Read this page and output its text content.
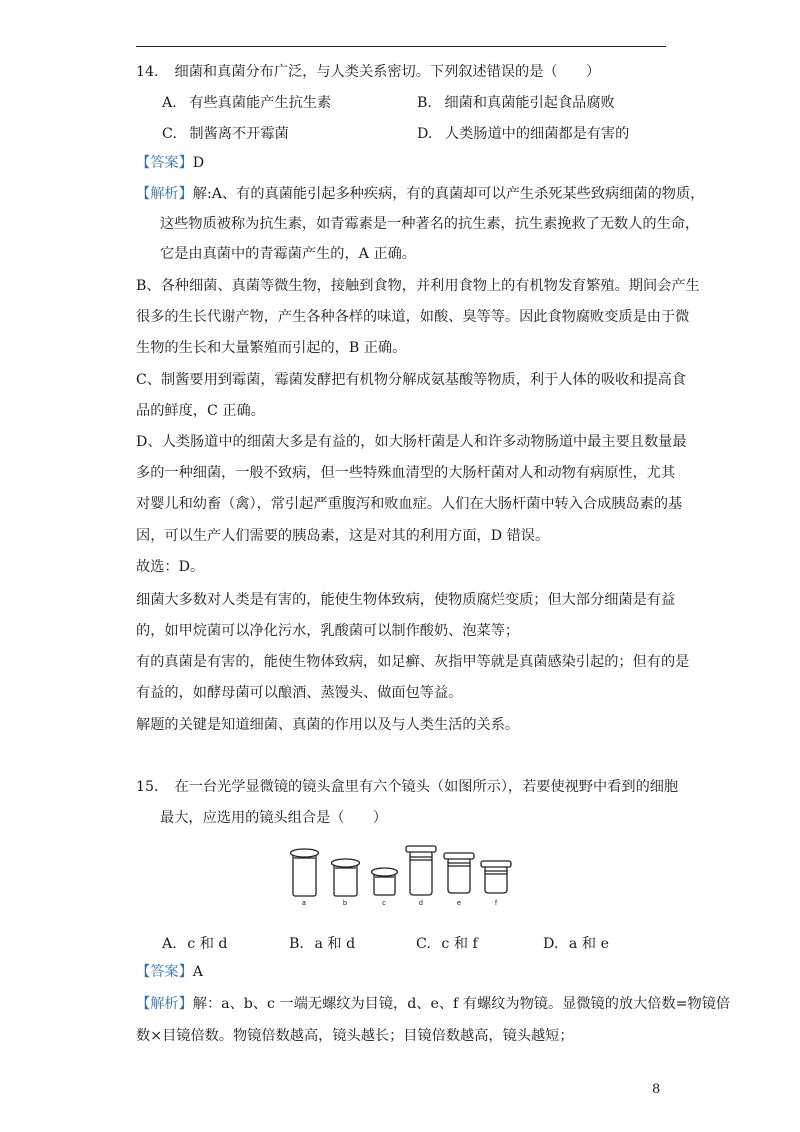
14. 细菌和真菌分布广泛，与人类关系密切。下列叙述错误的是（　　）
A. 有些真菌能产生抗生素	B. 细菌和真菌能引起食品腐败
C. 制酱离不开霉菌	D. 人类肠道中的细菌都是有害的
【答案】D
【解析】解:A、有的真菌能引起多种疾病，有的真菌却可以产生杀死某些致病细菌的物质，
这些物质被称为抗生素，如青霉素是一种著名的抗生素，抗生素挽救了无数人的生命，
它是由真菌中的青霉菌产生的，A 正确。
B、各种细菌、真菌等微生物，接触到食物，并利用食物上的有机物发育繁殖。期间会产生
很多的生长代谢产物，产生各种各样的味道，如酸、臭等等。因此食物腐败变质是由于微
生物的生长和大量繁殖而引起的，B 正确。
C、制酱要用到霉菌，霉菌发酵把有机物分解成氨基酸等物质，利于人体的吸收和提高食
品的鲜度，C 正确。
D、人类肠道中的细菌大多是有益的，如大肠杆菌是人和许多动物肠道中最主要且数量最
多的一种细菌，一般不致病，但一些特殊血清型的大肠杆菌对人和动物有病原性，尤其
对婴儿和幼畜（禽），常引起严重腹泻和败血症。人们在大肠杆菌中转入合成胰岛素的基
因，可以生产人们需要的胰岛素，这是对其的利用方面，D 错误。
故选：D。
细菌大多数对人类是有害的，能使生物体致病，使物质腐烂变质；但大部分细菌是有益
的，如甲烷菌可以净化污水，乳酸菌可以制作酸奶、泡菜等；
有的真菌是有害的，能使生物体致病，如足癣、灰指甲等就是真菌感染引起的；但有的是
有益的，如酵母菌可以酿酒、蒸馒头、做面包等益。
解题的关键是知道细菌、真菌的作用以及与人类生活的关系。
15. 在一台光学显微镜的镜头盒里有六个镜头（如图所示），若要使视野中看到的细胞
最大，应选用的镜头组合是（　　）
a	b	c	d	e	f
A. c 和 d	B. a 和 d	C. c 和 f	D. a 和 e
【答案】A
【解析】解：a、b、c 一端无螺纹为目镜，d、e、f 有螺纹为物镜。显微镜的放大倍数=物镜倍
数×目镜倍数。物镜倍数越高，镜头越长；目镜倍数越高，镜头越短；
8
